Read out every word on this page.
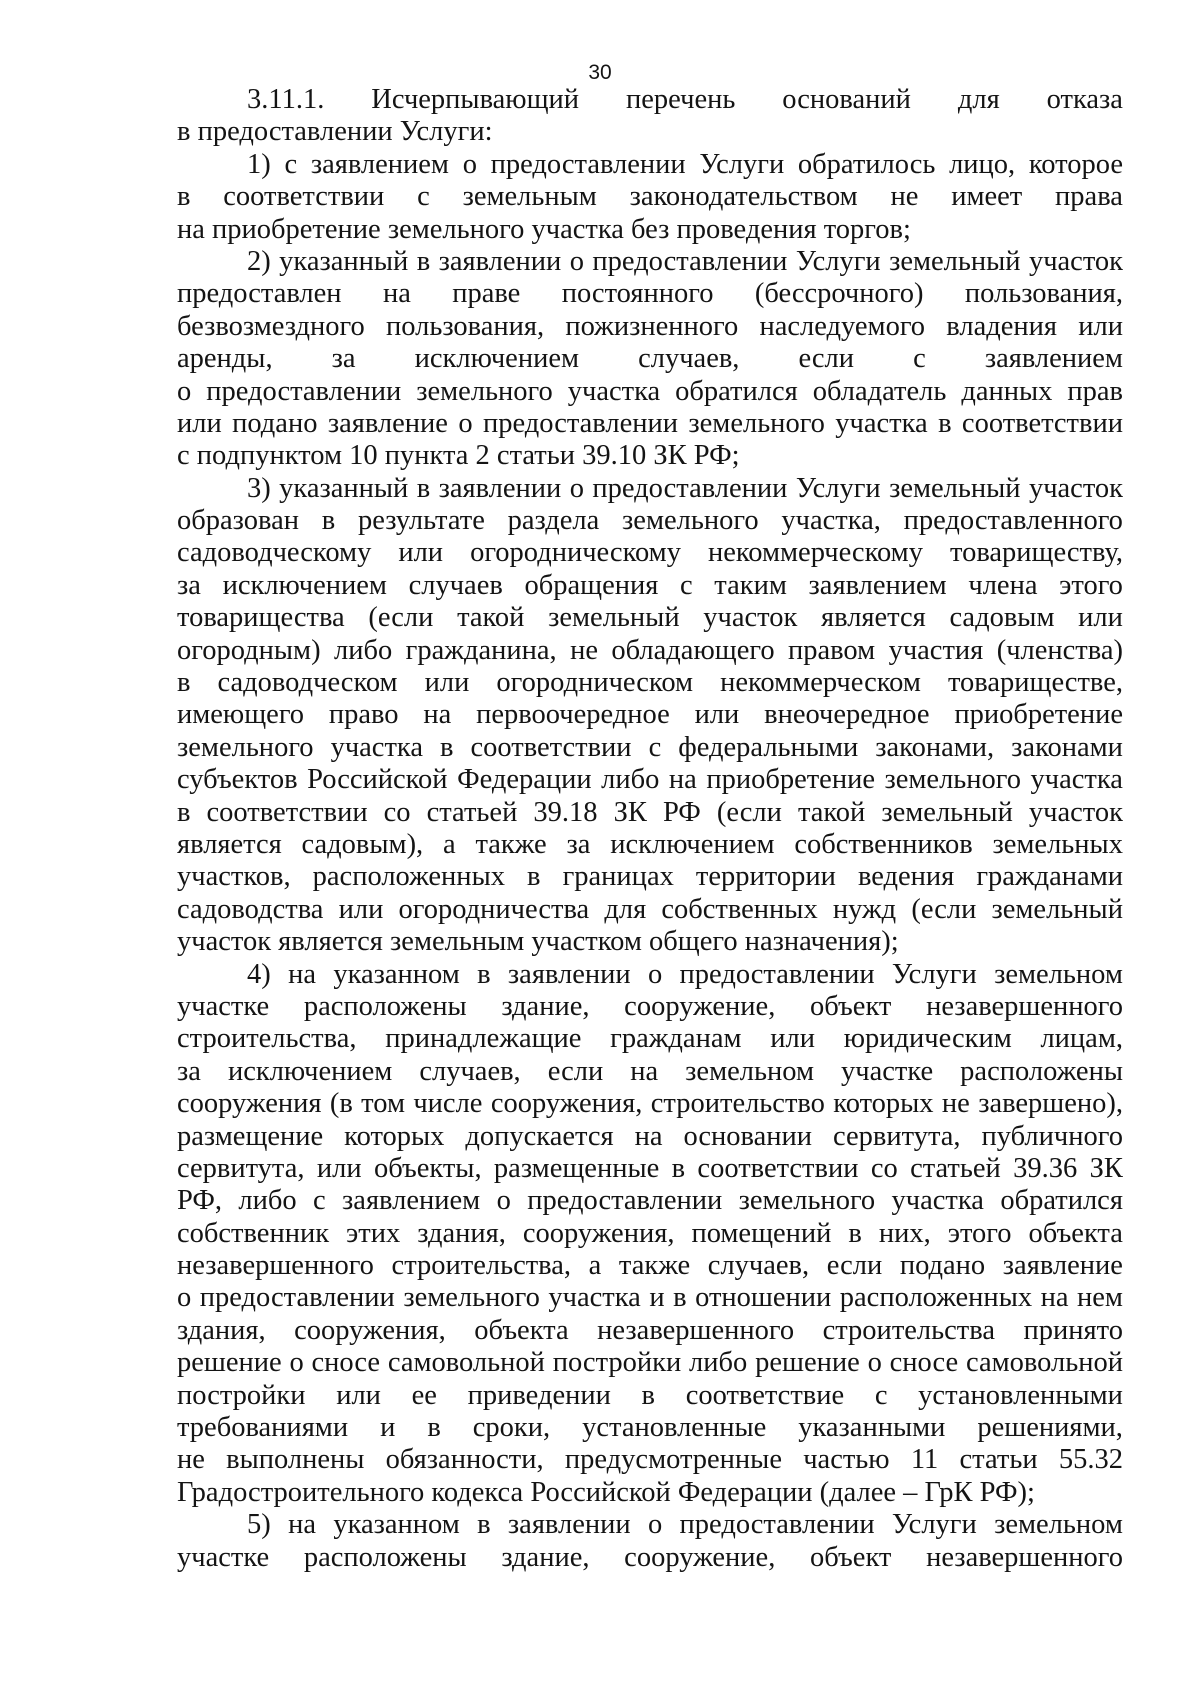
30
3.11.1. Исчерпывающий перечень оснований для отказа
в предоставлении Услуги:
1) с заявлением о предоставлении Услуги обратилось лицо, которое
в соответствии с земельным законодательством не имеет права
на приобретение земельного участка без проведения торгов;
2) указанный в заявлении о предоставлении Услуги земельный участок
предоставлен на праве постоянного (бессрочного) пользования,
безвозмездного пользования, пожизненного наследуемого владения или
аренды, за исключением случаев, если с заявлением
о предоставлении земельного участка обратился обладатель данных прав
или подано заявление о предоставлении земельного участка в соответствии
с подпунктом 10 пункта 2 статьи 39.10 ЗК РФ;
3) указанный в заявлении о предоставлении Услуги земельный участок
образован в результате раздела земельного участка, предоставленного
садоводческому или огородническому некоммерческому товариществу,
за исключением случаев обращения с таким заявлением члена этого
товарищества (если такой земельный участок является садовым или
огородным) либо гражданина, не обладающего правом участия (членства)
в садоводческом или огородническом некоммерческом товариществе,
имеющего право на первоочередное или внеочередное приобретение
земельного участка в соответствии с федеральными законами, законами
субъектов Российской Федерации либо на приобретение земельного участка
в соответствии со статьей 39.18 ЗК РФ (если такой земельный участок
является садовым), а также за исключением собственников земельных
участков, расположенных в границах территории ведения гражданами
садоводства или огородничества для собственных нужд (если земельный
участок является земельным участком общего назначения);
4) на указанном в заявлении о предоставлении Услуги земельном
участке расположены здание, сооружение, объект незавершенного
строительства, принадлежащие гражданам или юридическим лицам,
за исключением случаев, если на земельном участке расположены
сооружения (в том числе сооружения, строительство которых не завершено),
размещение которых допускается на основании сервитута, публичного
сервитута, или объекты, размещенные в соответствии со статьей 39.36 ЗК
РФ, либо с заявлением о предоставлении земельного участка обратился
собственник этих здания, сооружения, помещений в них, этого объекта
незавершенного строительства, а также случаев, если подано заявление
о предоставлении земельного участка и в отношении расположенных на нем
здания, сооружения, объекта незавершенного строительства принято
решение о сносе самовольной постройки либо решение о сносе самовольной
постройки или ее приведении в соответствие с установленными
требованиями и в сроки, установленные указанными решениями,
не выполнены обязанности, предусмотренные частью 11 статьи 55.32
Градостроительного кодекса Российской Федерации (далее – ГрК РФ);
5) на указанном в заявлении о предоставлении Услуги земельном
участке расположены здание, сооружение, объект незавершенного
